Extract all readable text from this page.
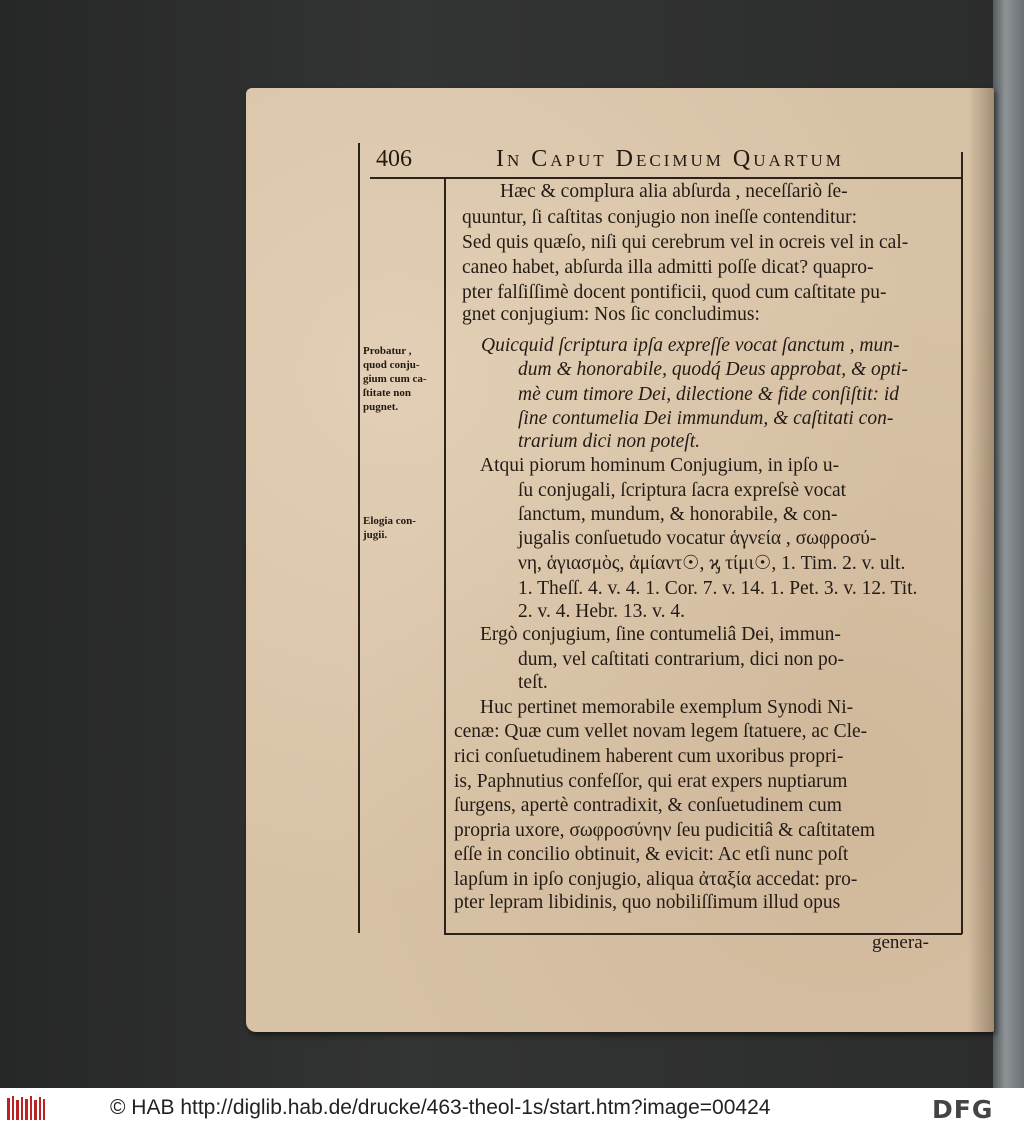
406	In Caput Decimum Quartum
Probatur ,
quod conju-
gium cum ca-
ſtitate non
pugnet.
Elogia con-
jugii.
Hæc & complura alia abſurda , neceſſariò ſe-
quuntur, ſi caſtitas conjugio non ineſſe contenditur:
Sed quis quæſo, niſi qui cerebrum vel in ocreis vel in cal-
caneo habet, abſurda illa admitti poſſe dicat? quapro-
pter falſiſſimè docent pontificii, quod cum caſtitate pu-
gnet conjugium: Nos ſic concludimus:
Quicquid ſcriptura ipſa expreſſe vocat ſanctum , mun-
dum & honorabile, quodq́ Deus approbat, & opti-
mè cum timore Dei, dilectione & fide conſiſtit: id
ſine contumelia Dei immundum, & caſtitati con-
trarium dici non poteſt.
Atqui piorum hominum Conjugium, in ipſo u-
ſu conjugali, ſcriptura ſacra expreſsè vocat
ſanctum, mundum, & honorabile, & con-
jugalis conſuetudo vocatur ἁγνεία , σωφροσύ-
νη, ἁγιασμὸς, ἀμίαντ☉, ϗ τίμι☉, 1. Tim. 2. v. ult.
1. Theſſ. 4. v. 4. 1. Cor. 7. v. 14. 1. Pet. 3. v. 12. Tit.
2. v. 4. Hebr. 13. v. 4.
Ergò conjugium, ſine contumeliâ Dei, immun-
dum, vel caſtitati contrarium, dici non po-
teſt.
Huc pertinet memorabile exemplum Synodi Ni-
cenæ: Quæ cum vellet novam legem ſtatuere, ac Cle-
rici conſuetudinem haberent cum uxoribus propri-
is, Paphnutius confeſſor, qui erat expers nuptiarum
ſurgens, apertè contradixit, & conſuetudinem cum
propria uxore, σωφροσύνην ſeu pudicitiâ & caſtitatem
eſſe in concilio obtinuit, & evicit: Ac etſi nunc poſt
lapſum in ipſo conjugio, aliqua ἀταξία accedat: pro-
pter lepram libidinis, quo nobiliſſimum illud opus
genera-
© HAB http://diglib.hab.de/drucke/463-theol-1s/start.htm?image=00424	DFG
